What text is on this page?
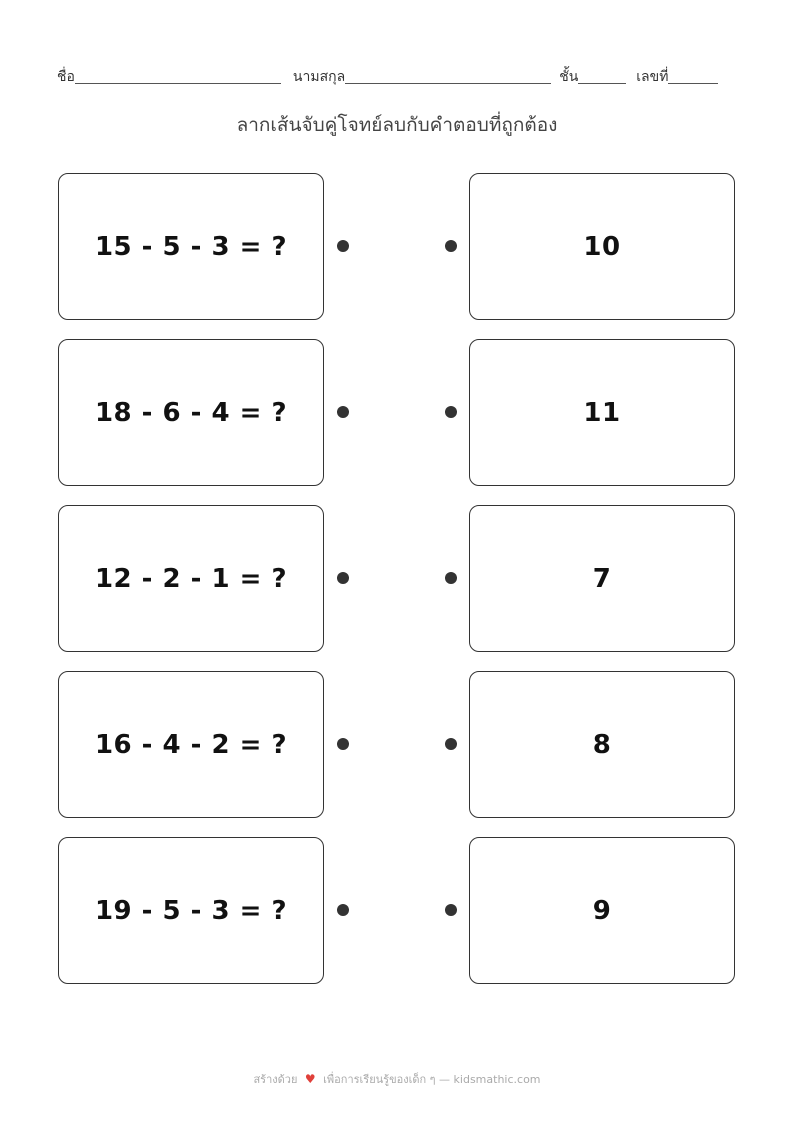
ชื่อ	นามสกุล	ชั้น	เลขที่
ลากเส้นจับคู่โจทย์ลบกับคำตอบที่ถูกต้อง
15 - 5 - 3 = ?
18 - 6 - 4 = ?
12 - 2 - 1 = ?
16 - 4 - 2 = ?
19 - 5 - 3 = ?
10
11
7
8
9
สร้างด้วย ♥ เพื่อการเรียนรู้ของเด็ก ๆ — kidsmathic.com
